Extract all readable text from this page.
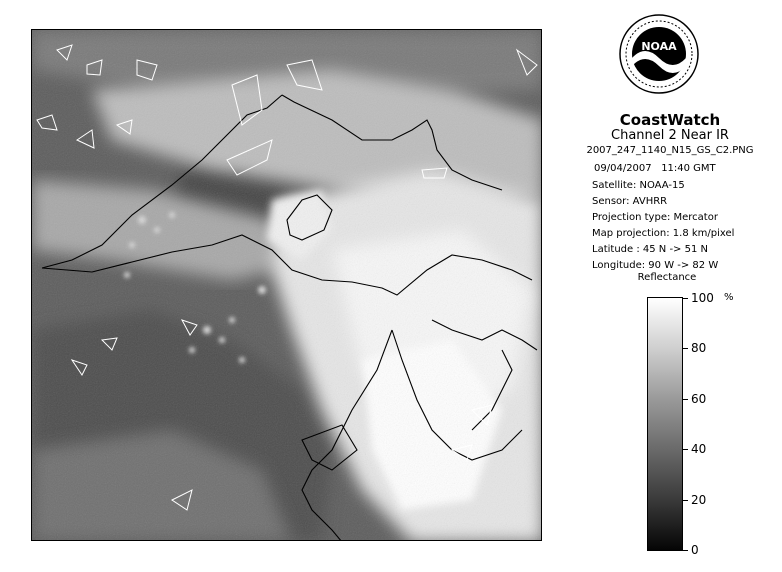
NOAA
CoastWatch
Channel 2 Near IR
2007_247_1140_N15_GS_C2.PNG
09/04/2007 11:40 GMT
Satellite: NOAA-15
Sensor: AVHRR
Projection type: Mercator
Map projection: 1.8 km/pixel
Latitude : 45 N -> 51 N
Longitude: 90 W -> 82 W
Reflectance
%
100
80
60
40
20
0
